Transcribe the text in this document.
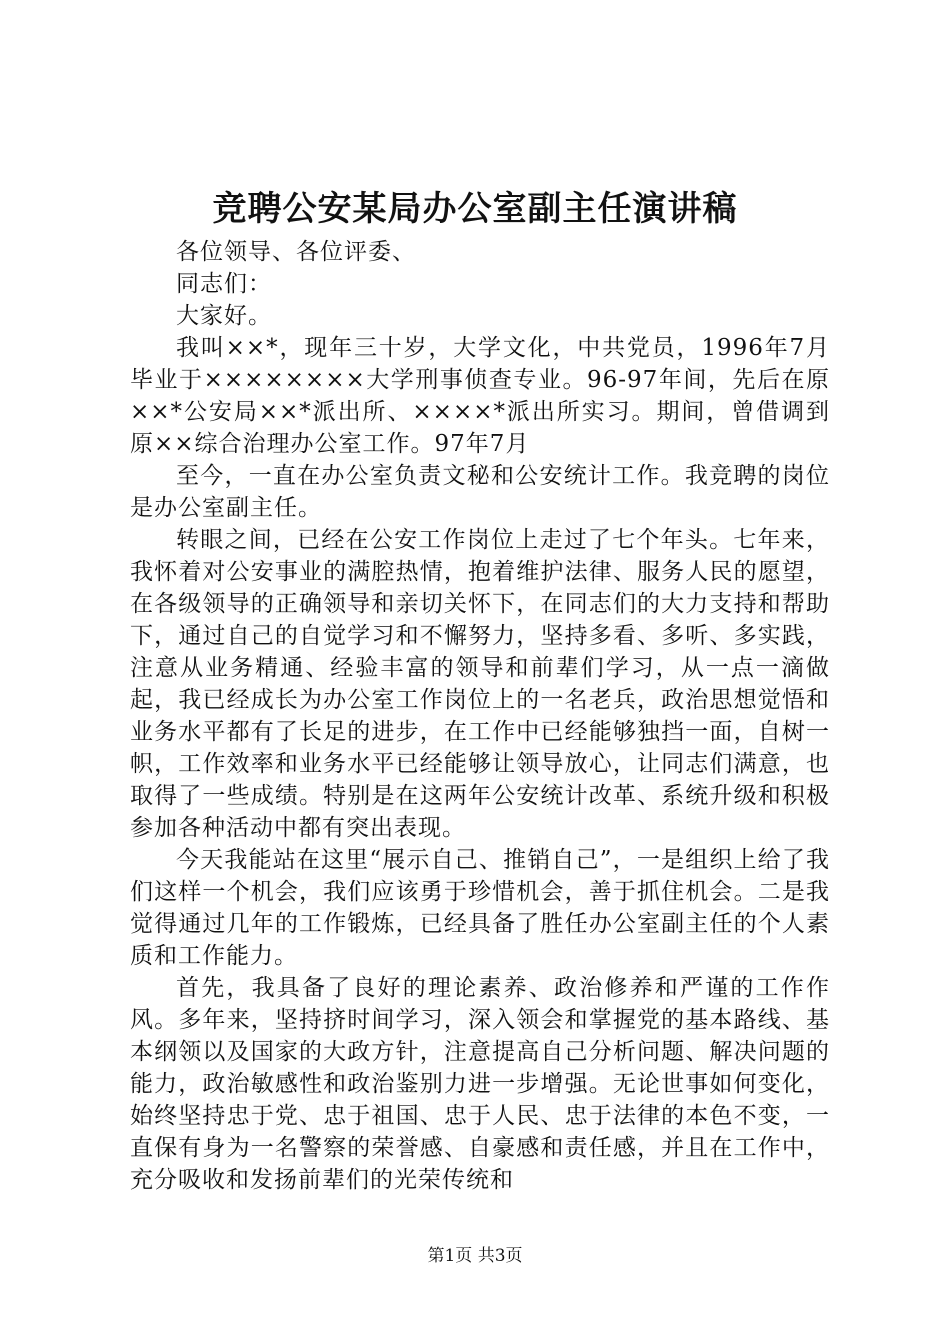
竞聘公安某局办公室副主任演讲稿

各位领导、各位评委、

同志们：

大家好。

我叫××*，现年三十岁，大学文化，中共党员，1996年7月毕业于××××××××大学刑事侦查专业。96-97年间，先后在原××*公安局××*派出所、××××*派出所实习。期间，曾借调到原××综合治理办公室工作。97年7月

至今，一直在办公室负责文秘和公安统计工作。我竞聘的岗位是办公室副主任。

转眼之间，已经在公安工作岗位上走过了七个年头。七年来，我怀着对公安事业的满腔热情，抱着维护法律、服务人民的愿望，在各级领导的正确领导和亲切关怀下，在同志们的大力支持和帮助下，通过自己的自觉学习和不懈努力，坚持多看、多听、多实践，注意从业务精通、经验丰富的领导和前辈们学习，从一点一滴做起，我已经成长为办公室工作岗位上的一名老兵，政治思想觉悟和业务水平都有了长足的进步，在工作中已经能够独挡一面，自树一帜，工作效率和业务水平已经能够让领导放心，让同志们满意，也取得了一些成绩。特别是在这两年公安统计改革、系统升级和积极参加各种活动中都有突出表现。

今天我能站在这里“展示自己、推销自己”，一是组织上给了我们这样一个机会，我们应该勇于珍惜机会，善于抓住机会。二是我觉得通过几年的工作锻炼，已经具备了胜任办公室副主任的个人素质和工作能力。

首先，我具备了良好的理论素养、政治修养和严谨的工作作风。多年来，坚持挤时间学习，深入领会和掌握党的基本路线、基本纲领以及国家的大政方针，注意提高自己分析问题、解决问题的能力，政治敏感性和政治鉴别力进一步增强。无论世事如何变化，始终坚持忠于党、忠于祖国、忠于人民、忠于法律的本色不变，一直保有身为一名警察的荣誉感、自豪感和责任感，并且在工作中，充分吸收和发扬前辈们的光荣传统和

第1页 共3页
